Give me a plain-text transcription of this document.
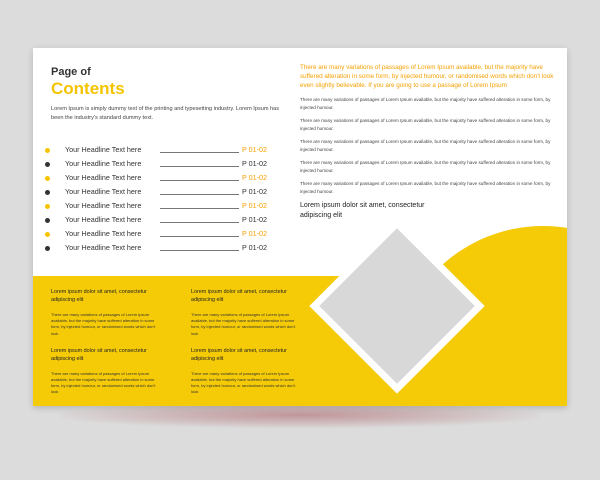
Page of
Contents
Lorem Ipsum is simply dummy text of the printing and typesetting industry. Lorem Ipsum has been the industry's standard dummy text.
Your Headline Text here	P 01-02
Your Headline Text here	P 01-02
Your Headline Text here	P 01-02
Your Headline Text here	P 01-02
Your Headline Text here	P 01-02
Your Headline Text here	P 01-02
Your Headline Text here	P 01-02
Your Headline Text here	P 01-02

There are many variations of passages of Lorem Ipsum available, but the majority have suffered alteration in some form, by injected humour, or randomised words which don't look even slightly believable. If you are going to use a passage of Lorem Ipsum

There are many variations of passages of Lorem Ipsum available, but the majority have suffered alteration in some form, by injected humour.

There are many variations of passages of Lorem Ipsum available, but the majority have suffered alteration in some form, by injected humour.

There are many variations of passages of Lorem Ipsum available, but the majority have suffered alteration in some form, by injected humour.

There are many variations of passages of Lorem Ipsum available, but the majority have suffered alteration in some form, by injected humour.

There are many variations of passages of Lorem Ipsum available, but the majority have suffered alteration in some form, by injected humour.

Lorem ipsum dolor sit amet, consectetur adipiscing elit

Lorem ipsum dolor sit amet, consectetur adipiscing elit

There are many variations of passages of Lorem Ipsum available, but the majority have suffered alteration in some form, by injected humour, or randomised words which don't look

Lorem ipsum dolor sit amet, consectetur adipiscing elit

There are many variations of passages of Lorem Ipsum available, but the majority have suffered alteration in some form, by injected humour, or randomised words which don't look

Lorem ipsum dolor sit amet, consectetur adipiscing elit

There are many variations of passages of Lorem Ipsum available, but the majority have suffered alteration in some form, by injected humour, or randomised words which don't look

Lorem ipsum dolor sit amet, consectetur adipiscing elit

There are many variations of passages of Lorem Ipsum available, but the majority have suffered alteration in some form, by injected humour, or randomised words which don't look
